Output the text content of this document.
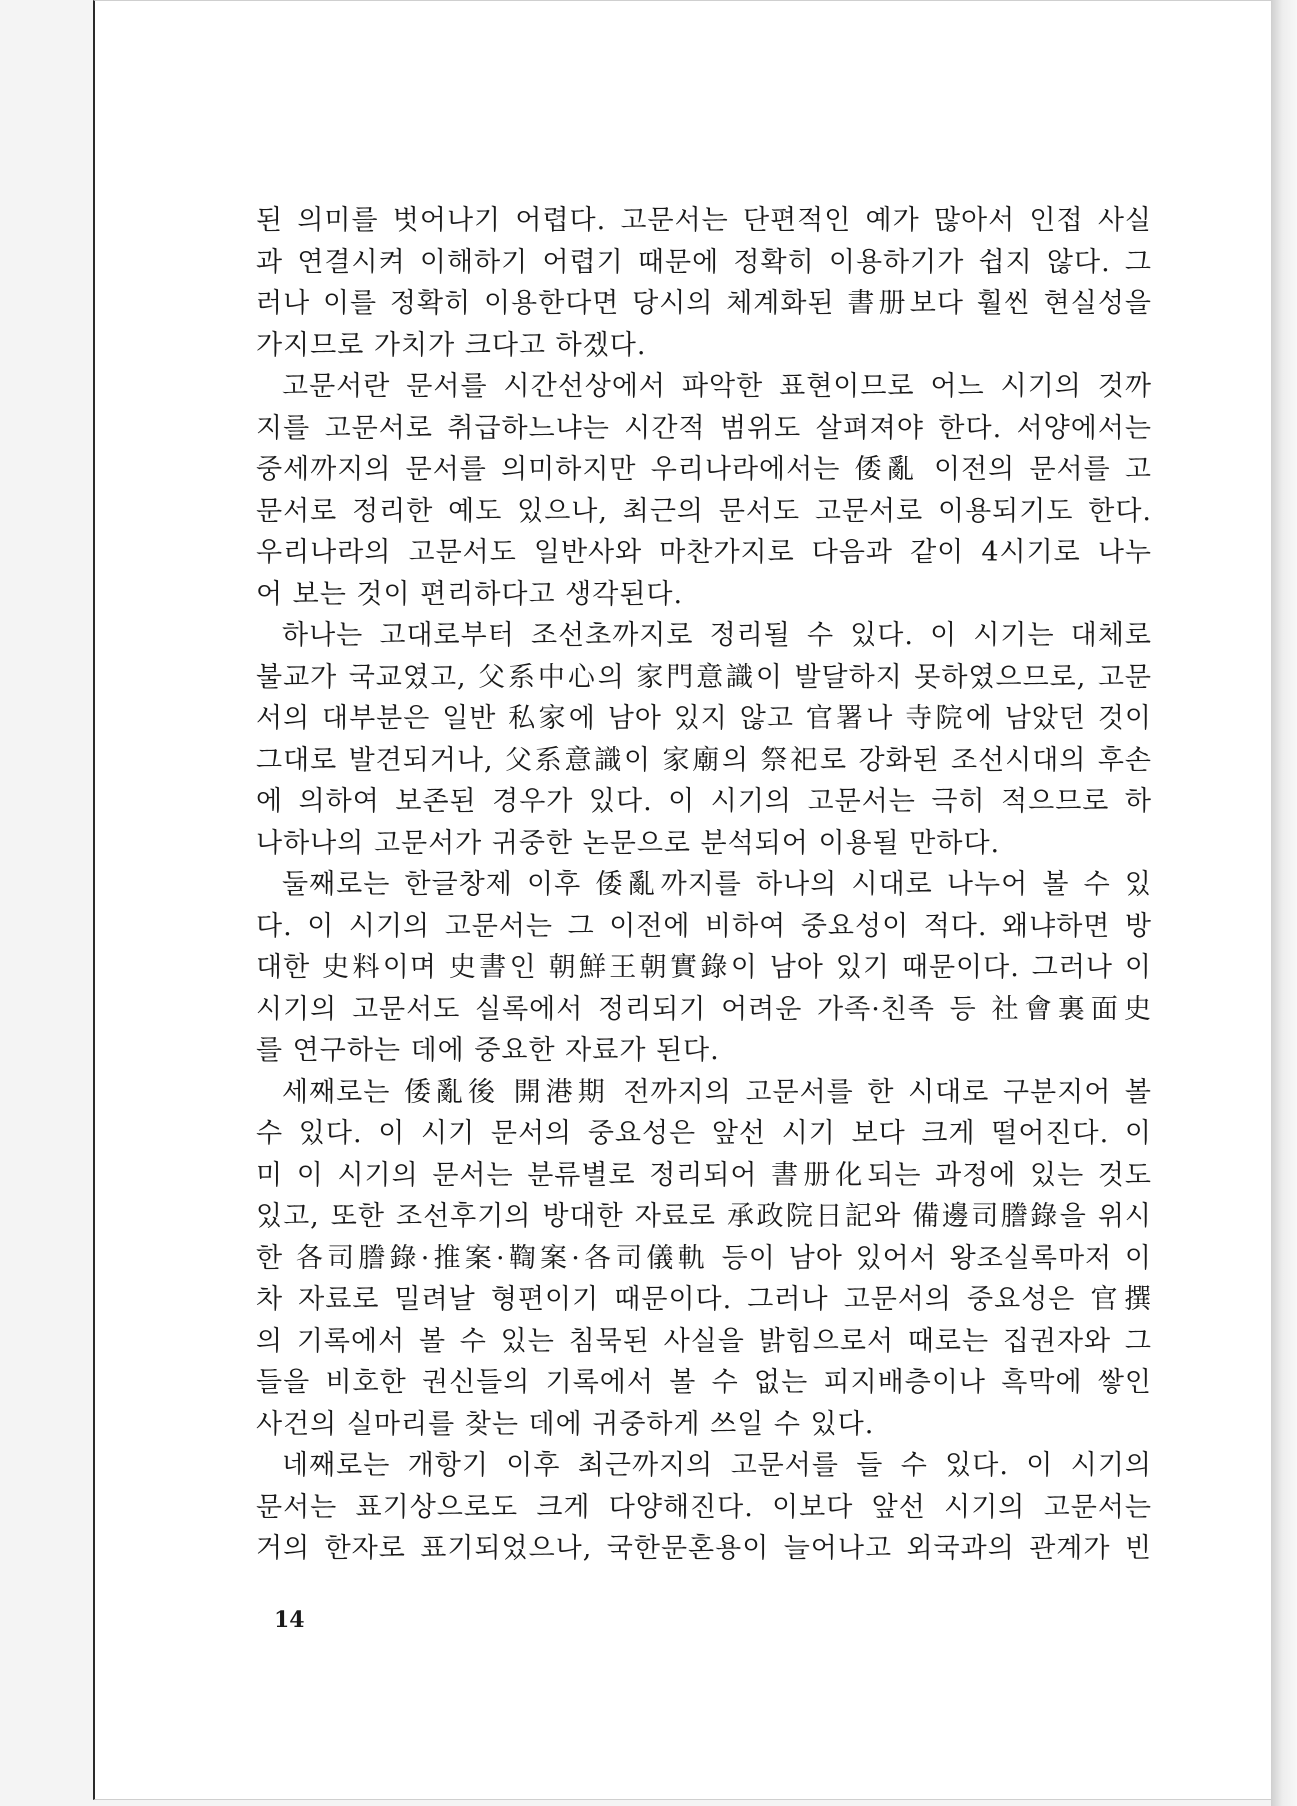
된 의미를 벗어나기 어렵다. 고문서는 단편적인 예가 많아서 인접 사실
과 연결시켜 이해하기 어렵기 때문에 정확히 이용하기가 쉽지 않다. 그
러나 이를 정확히 이용한다면 당시의 체계화된 書册보다 훨씬 현실성을
가지므로 가치가 크다고 하겠다.
고문서란 문서를 시간선상에서 파악한 표현이므로 어느 시기의 것까
지를 고문서로 취급하느냐는 시간적 범위도 살펴져야 한다. 서양에서는
중세까지의 문서를 의미하지만 우리나라에서는 倭亂 이전의 문서를 고
문서로 정리한 예도 있으나, 최근의 문서도 고문서로 이용되기도 한다.
우리나라의 고문서도 일반사와 마찬가지로 다음과 같이 4시기로 나누
어 보는 것이 편리하다고 생각된다.
하나는 고대로부터 조선초까지로 정리될 수 있다. 이 시기는 대체로
불교가 국교였고, 父系中心의 家門意識이 발달하지 못하였으므로, 고문
서의 대부분은 일반 私家에 남아 있지 않고 官署나 寺院에 남았던 것이
그대로 발견되거나, 父系意識이 家廟의 祭祀로 강화된 조선시대의 후손
에 의하여 보존된 경우가 있다. 이 시기의 고문서는 극히 적으므로 하
나하나의 고문서가 귀중한 논문으로 분석되어 이용될 만하다.
둘째로는 한글창제 이후 倭亂까지를 하나의 시대로 나누어 볼 수 있
다. 이 시기의 고문서는 그 이전에 비하여 중요성이 적다. 왜냐하면 방
대한 史料이며 史書인 朝鮮王朝實錄이 남아 있기 때문이다. 그러나 이
시기의 고문서도 실록에서 정리되기 어려운 가족·친족 등 社會裏面史
를 연구하는 데에 중요한 자료가 된다.
세째로는 倭亂後 開港期 전까지의 고문서를 한 시대로 구분지어 볼
수 있다. 이 시기 문서의 중요성은 앞선 시기 보다 크게 떨어진다. 이
미 이 시기의 문서는 분류별로 정리되어 書册化되는 과정에 있는 것도
있고, 또한 조선후기의 방대한 자료로 承政院日記와 備邊司謄錄을 위시
한 各司謄錄·推案·鞫案·各司儀軌 등이 남아 있어서 왕조실록마저 이
차 자료로 밀려날 형편이기 때문이다. 그러나 고문서의 중요성은 官撰
의 기록에서 볼 수 있는 침묵된 사실을 밝힘으로서 때로는 집권자와 그
들을 비호한 권신들의 기록에서 볼 수 없는 피지배층이나 흑막에 쌓인
사건의 실마리를 찾는 데에 귀중하게 쓰일 수 있다.
네째로는 개항기 이후 최근까지의 고문서를 들 수 있다. 이 시기의
문서는 표기상으로도 크게 다양해진다. 이보다 앞선 시기의 고문서는
거의 한자로 표기되었으나, 국한문혼용이 늘어나고 외국과의 관계가 빈
14
